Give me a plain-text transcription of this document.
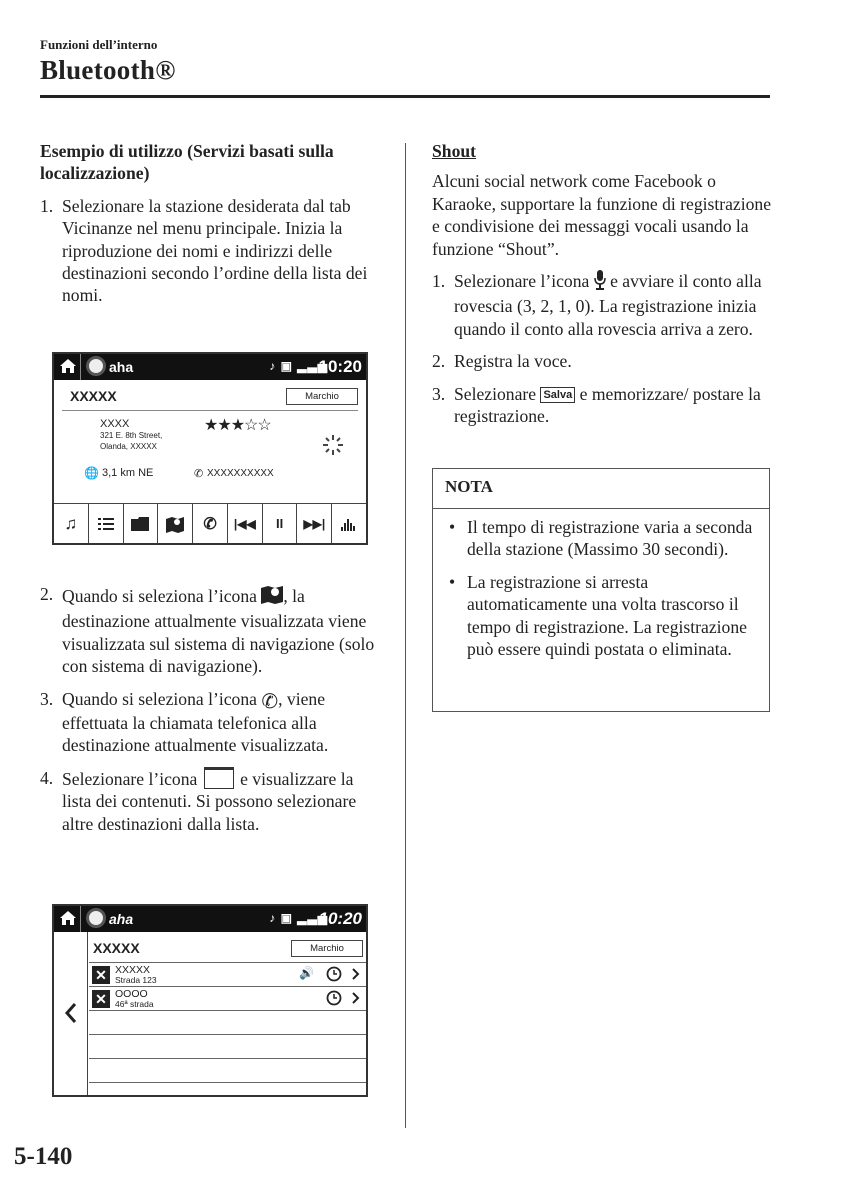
Funzioni dell’interno
Bluetooth®
Esempio di utilizzo (Servizi basati sulla localizzazione)
1. Selezionare la stazione desiderata dal tab Vicinanze nel menu principale. Inizia la riproduzione dei nomi e indirizzi delle destinazioni secondo l’ordine della lista dei nomi.
aha	♪ ▣ ▂▃▅
10:20
XXXXX	Marchio
XXXX
321 E. 8th Street,
Olanda, XXXXX
★★★☆☆
🌐 3,1 km NE	✆ XXXXXXXXXX
♫	✆ |◀◀ II ▶▶|
2. Quando si seleziona l’icona , la destinazione attualmente visualizzata viene visualizzata sul sistema di navigazione (solo con sistema di navigazione).
3. Quando si seleziona l’icona ✆, viene effettuata la chiamata telefonica alla destinazione attualmente visualizzata.
4. Selezionare l’icona  e visualizzare la lista dei contenuti. Si possono selezionare altre destinazioni dalla lista.
aha	♪ ▣ ▂▃▅
10:20
XXXXX	Marchio
✕ XXXXX
Strada 123	🔊
✕ OOOO
46ª strada
Shout
Alcuni social network come Facebook o Karaoke, supportare la funzione di registrazione e condivisione dei messaggi vocali usando la funzione “Shout”.
1. Selezionare l’icona  e avviare il conto alla rovescia (3, 2, 1, 0). La registrazione inizia quando il conto alla rovescia arriva a zero.
2. Registra la voce.
3. Selezionare Salva e memorizzare/ postare la registrazione.
NOTA
• Il tempo di registrazione varia a seconda della stazione (Massimo 30 secondi).
• La registrazione si arresta automaticamente una volta trascorso il tempo di registrazione. La registrazione può essere quindi postata o eliminata.
5-140
